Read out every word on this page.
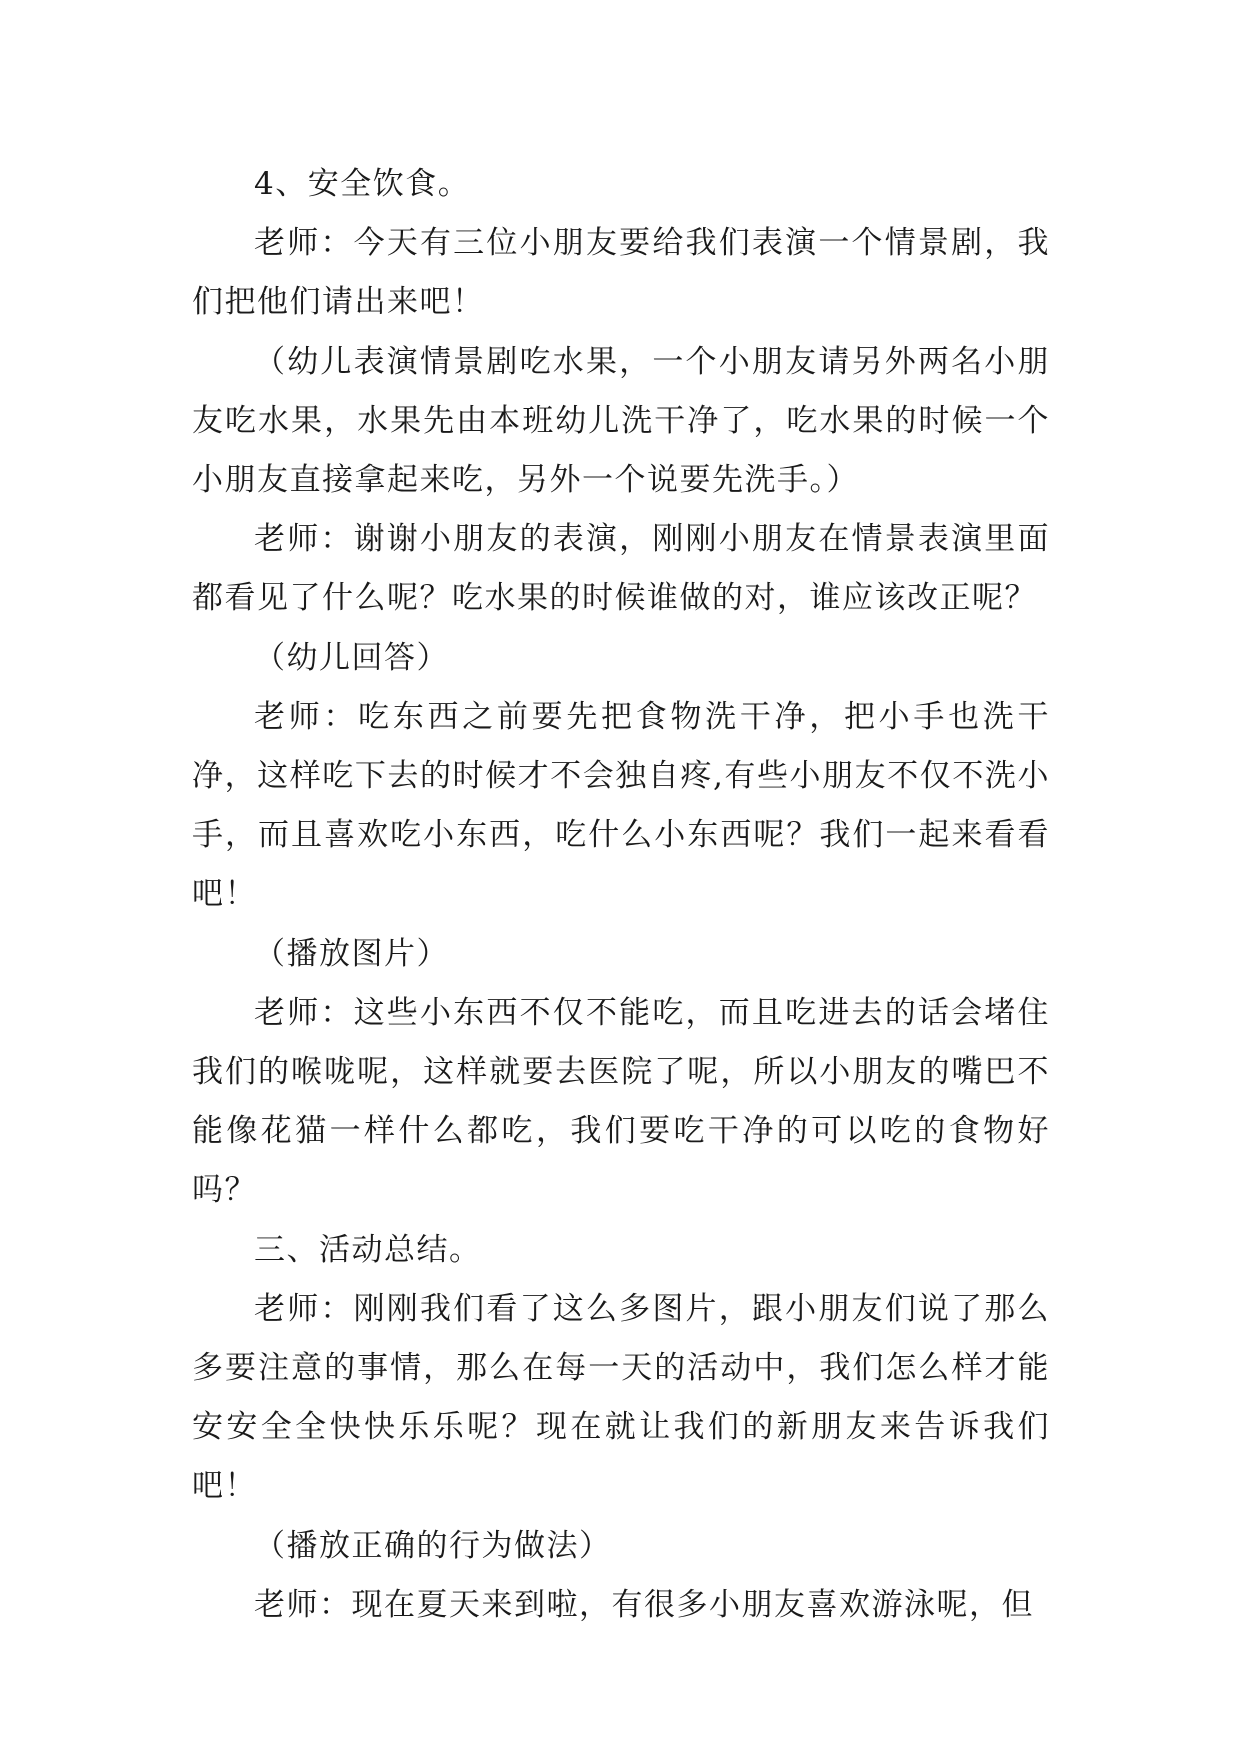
4、安全饮食。

老师：今天有三位小朋友要给我们表演一个情景剧，我们把他们请出来吧！

（幼儿表演情景剧吃水果，一个小朋友请另外两名小朋友吃水果，水果先由本班幼儿洗干净了，吃水果的时候一个小朋友直接拿起来吃，另外一个说要先洗手。）

老师：谢谢小朋友的表演，刚刚小朋友在情景表演里面都看见了什么呢？吃水果的时候谁做的对，谁应该改正呢？

（幼儿回答）

老师：吃东西之前要先把食物洗干净，把小手也洗干净，这样吃下去的时候才不会独自疼,有些小朋友不仅不洗小手，而且喜欢吃小东西，吃什么小东西呢？我们一起来看看吧！

（播放图片）

老师：这些小东西不仅不能吃，而且吃进去的话会堵住我们的喉咙呢，这样就要去医院了呢，所以小朋友的嘴巴不能像花猫一样什么都吃，我们要吃干净的可以吃的食物好吗？

三、活动总结。

老师：刚刚我们看了这么多图片，跟小朋友们说了那么多要注意的事情，那么在每一天的活动中，我们怎么样才能安安全全快快乐乐呢？现在就让我们的新朋友来告诉我们吧！

（播放正确的行为做法）

老师：现在夏天来到啦，有很多小朋友喜欢游泳呢，但
